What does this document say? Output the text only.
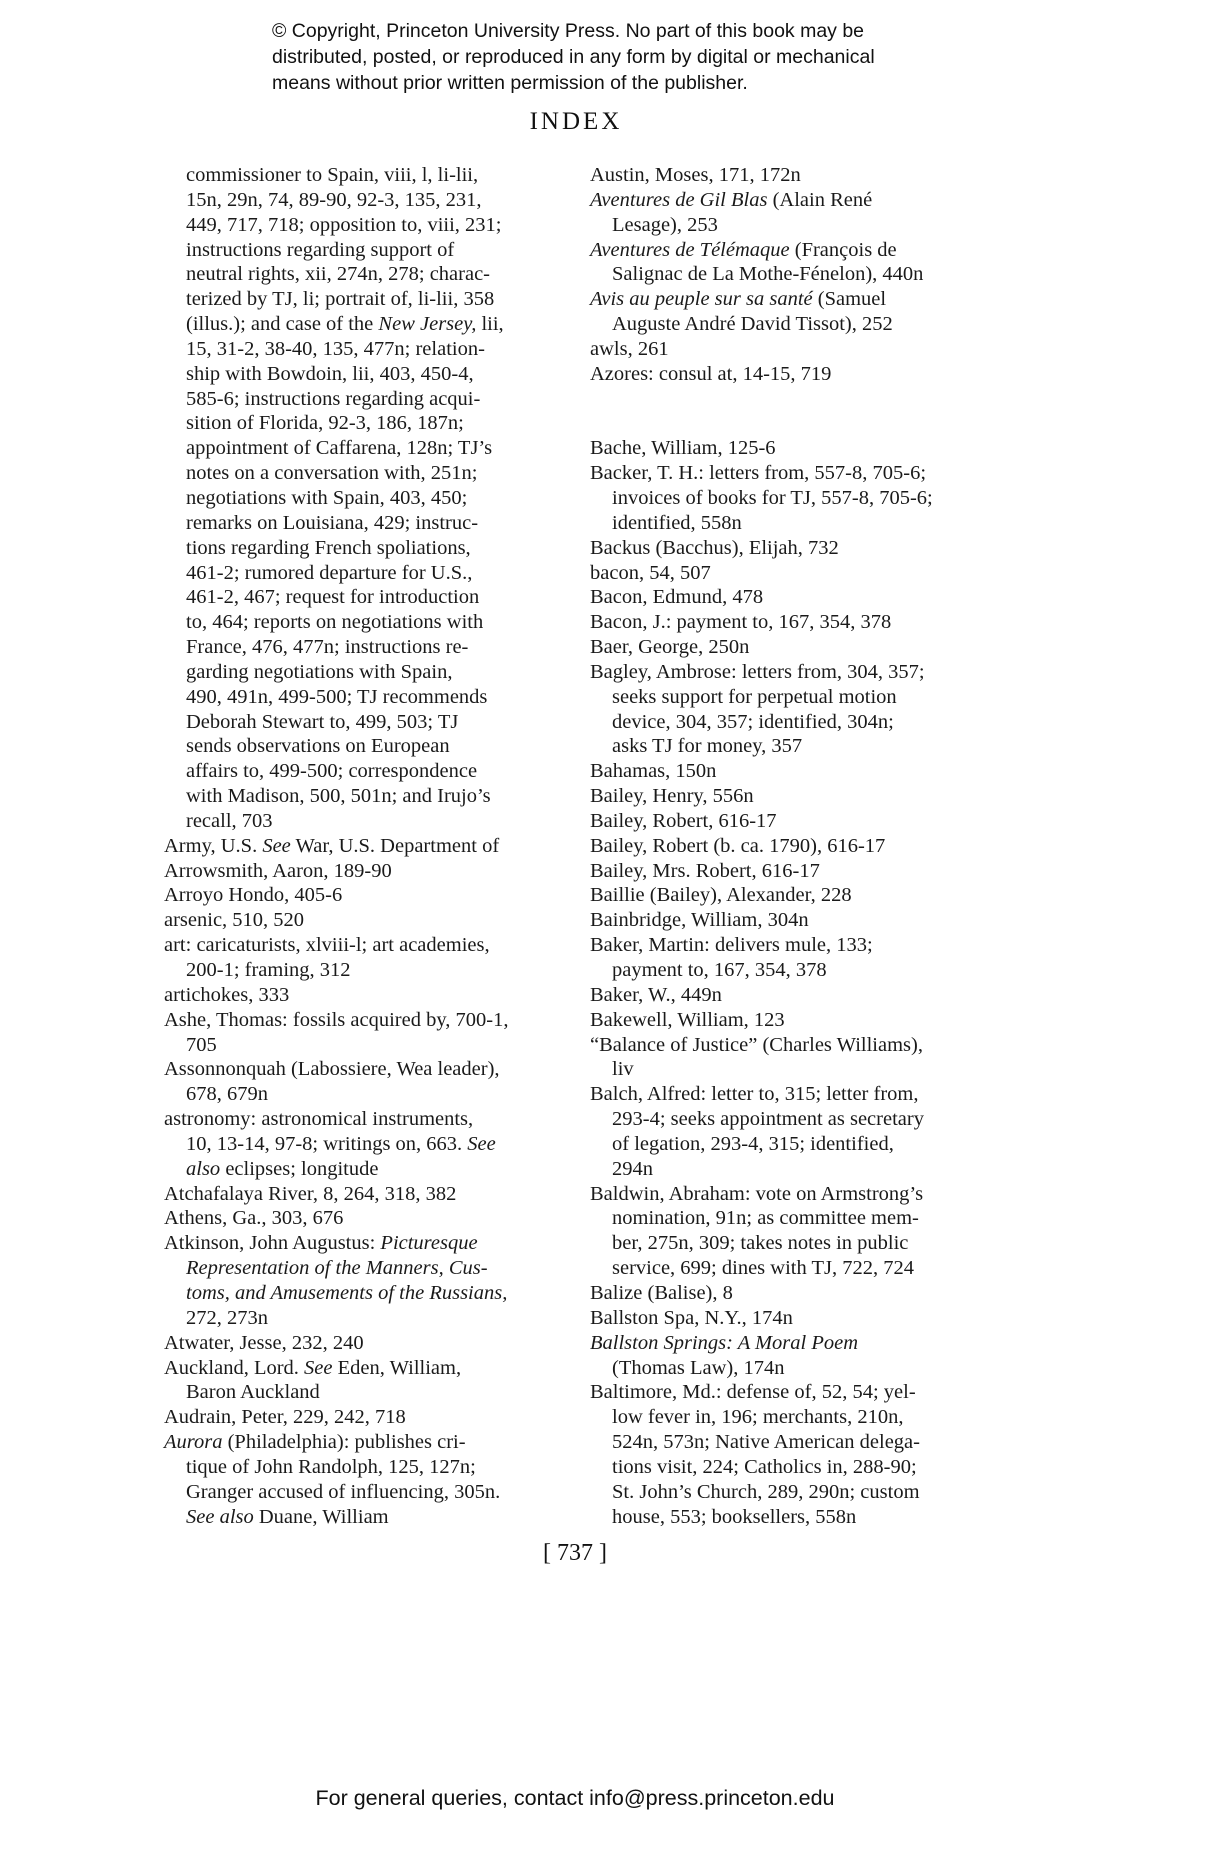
© Copyright, Princeton University Press. No part of this book may be
distributed, posted, or reproduced in any form by digital or mechanical
means without prior written permission of the publisher.
INDEX
commissioner to Spain, viii, l, li-lii,
15n, 29n, 74, 89-90, 92-3, 135, 231,
449, 717, 718; opposition to, viii, 231;
instructions regarding support of
neutral rights, xii, 274n, 278; charac-
terized by TJ, li; portrait of, li-lii, 358
(illus.); and case of the New Jersey, lii,
15, 31-2, 38-40, 135, 477n; relation-
ship with Bowdoin, lii, 403, 450-4,
585-6; instructions regarding acqui-
sition of Florida, 92-3, 186, 187n;
appointment of Caffarena, 128n; TJ’s
notes on a conversation with, 251n;
negotiations with Spain, 403, 450;
remarks on Louisiana, 429; instruc-
tions regarding French spoliations,
461-2; rumored departure for U.S.,
461-2, 467; request for introduction
to, 464; reports on negotiations with
France, 476, 477n; instructions re-
garding negotiations with Spain,
490, 491n, 499-500; TJ recommends
Deborah Stewart to, 499, 503; TJ
sends observations on European
affairs to, 499-500; correspondence
with Madison, 500, 501n; and Irujo’s
recall, 703
Army, U.S. See War, U.S. Department of
Arrowsmith, Aaron, 189-90
Arroyo Hondo, 405-6
arsenic, 510, 520
art: caricaturists, xlviii-l; art academies,
200-1; framing, 312
artichokes, 333
Ashe, Thomas: fossils acquired by, 700-1,
705
Assonnonquah (Labossiere, Wea leader),
678, 679n
astronomy: astronomical instruments,
10, 13-14, 97-8; writings on, 663. See
also eclipses; longitude
Atchafalaya River, 8, 264, 318, 382
Athens, Ga., 303, 676
Atkinson, John Augustus: Picturesque
Representation of the Manners, Cus-
toms, and Amusements of the Russians,
272, 273n
Atwater, Jesse, 232, 240
Auckland, Lord. See Eden, William,
Baron Auckland
Audrain, Peter, 229, 242, 718
Aurora (Philadelphia): publishes cri-
tique of John Randolph, 125, 127n;
Granger accused of influencing, 305n.
See also Duane, William
Austin, Moses, 171, 172n
Aventures de Gil Blas (Alain René
Lesage), 253
Aventures de Télémaque (François de
Salignac de La Mothe-Fénelon), 440n
Avis au peuple sur sa santé (Samuel
Auguste André David Tissot), 252
awls, 261
Azores: consul at, 14-15, 719
Bache, William, 125-6
Backer, T. H.: letters from, 557-8, 705-6;
invoices of books for TJ, 557-8, 705-6;
identified, 558n
Backus (Bacchus), Elijah, 732
bacon, 54, 507
Bacon, Edmund, 478
Bacon, J.: payment to, 167, 354, 378
Baer, George, 250n
Bagley, Ambrose: letters from, 304, 357;
seeks support for perpetual motion
device, 304, 357; identified, 304n;
asks TJ for money, 357
Bahamas, 150n
Bailey, Henry, 556n
Bailey, Robert, 616-17
Bailey, Robert (b. ca. 1790), 616-17
Bailey, Mrs. Robert, 616-17
Baillie (Bailey), Alexander, 228
Bainbridge, William, 304n
Baker, Martin: delivers mule, 133;
payment to, 167, 354, 378
Baker, W., 449n
Bakewell, William, 123
“Balance of Justice” (Charles Williams),
liv
Balch, Alfred: letter to, 315; letter from,
293-4; seeks appointment as secretary
of legation, 293-4, 315; identified,
294n
Baldwin, Abraham: vote on Armstrong’s
nomination, 91n; as committee mem-
ber, 275n, 309; takes notes in public
service, 699; dines with TJ, 722, 724
Balize (Balise), 8
Ballston Spa, N.Y., 174n
Ballston Springs: A Moral Poem
(Thomas Law), 174n
Baltimore, Md.: defense of, 52, 54; yel-
low fever in, 196; merchants, 210n,
524n, 573n; Native American delega-
tions visit, 224; Catholics in, 288-90;
St. John’s Church, 289, 290n; custom
house, 553; booksellers, 558n
[ 737 ]
For general queries, contact info@press.princeton.edu
